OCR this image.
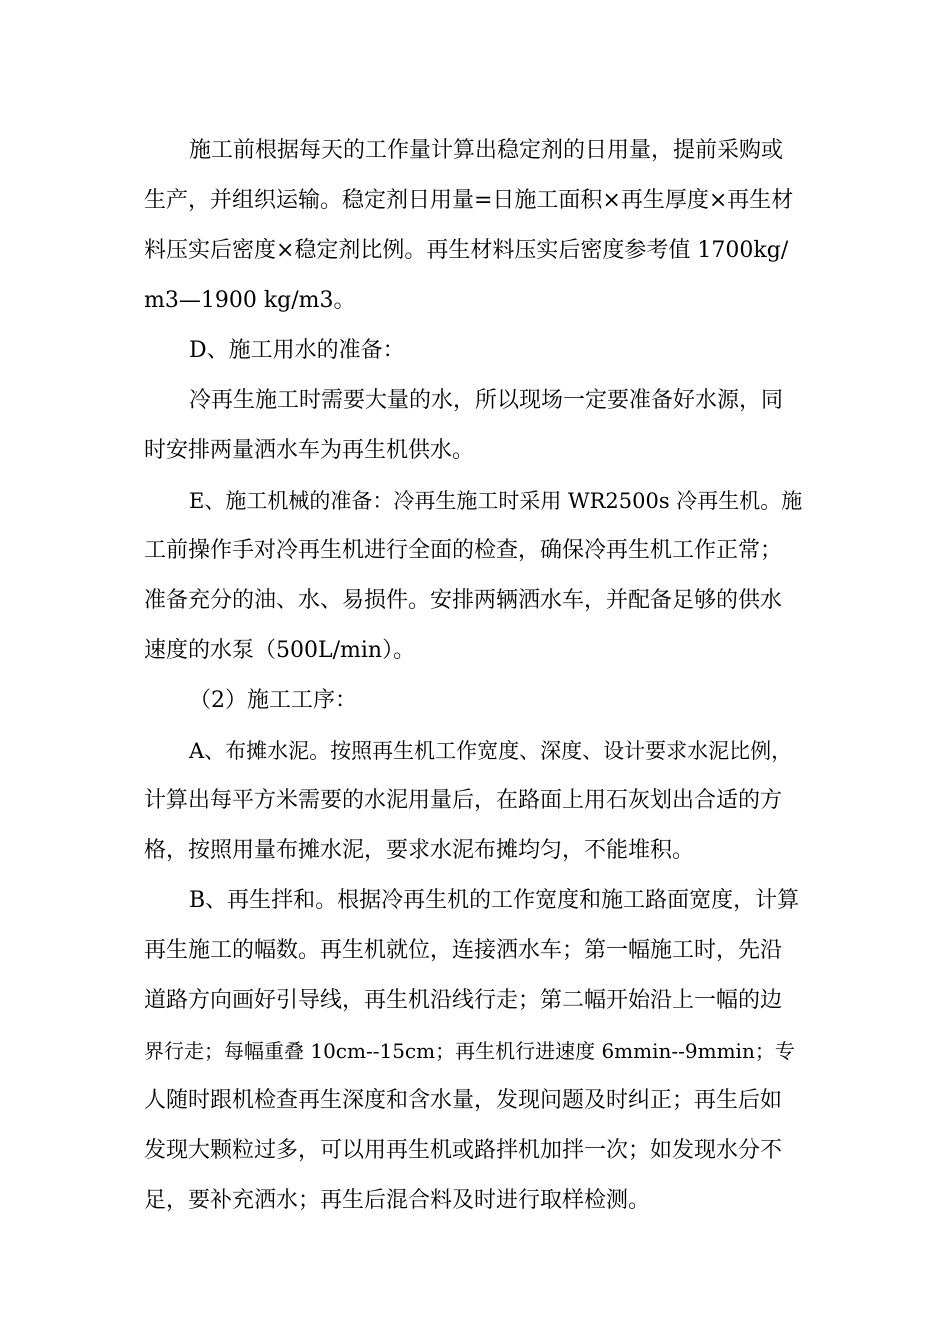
施工前根据每天的工作量计算出稳定剂的日用量，提前采购或

生产，并组织运输。稳定剂日用量=日施工面积×再生厚度×再生材

料压实后密度×稳定剂比例。再生材料压实后密度参考值 1700kg/

m3—1900 kg/m3。

D、施工用水的准备：

冷再生施工时需要大量的水，所以现场一定要准备好水源，同

时安排两量洒水车为再生机供水。

E、施工机械的准备：冷再生施工时采用 WR2500s 冷再生机。施

工前操作手对冷再生机进行全面的检查，确保冷再生机工作正常；

准备充分的油、水、易损件。安排两辆洒水车，并配备足够的供水

速度的水泵（500L/min）。

（2）施工工序：

A、布摊水泥。按照再生机工作宽度、深度、设计要求水泥比例，

计算出每平方米需要的水泥用量后，在路面上用石灰划出合适的方

格，按照用量布摊水泥，要求水泥布摊均匀，不能堆积。

B、再生拌和。根据冷再生机的工作宽度和施工路面宽度，计算

再生施工的幅数。再生机就位，连接洒水车；第一幅施工时，先沿

道路方向画好引导线，再生机沿线行走；第二幅开始沿上一幅的边

界行走；每幅重叠 10cm--15cm；再生机行进速度 6mmin--9mmin；专

人随时跟机检查再生深度和含水量，发现问题及时纠正；再生后如

发现大颗粒过多，可以用再生机或路拌机加拌一次；如发现水分不

足，要补充洒水；再生后混合料及时进行取样检测。
